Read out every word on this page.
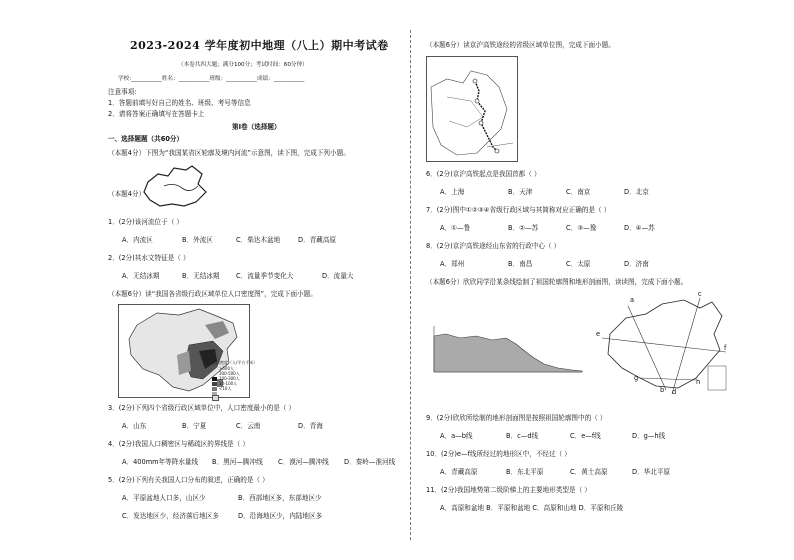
2023-2024 学年度初中地理（八上）期中考试卷
（本卷共四大题；满分100分；考试时间：60分钟）
学校:___________姓名：___________班级：___________成绩：___________
注意事项:
1．答题前填写好自己的姓名、班级、考号等信息
2．请将答案正确填写在答题卡上
第Ⅰ卷（选择题）
一、选择题题（共60分）
（本题4分）下图为“我国某省区轮廓及境内河流”示意图，读下图，完成下列小题。
（本题4分）
1．(2分)该河流位于（ ）
A．内流区	B．外流区	C．柴达木盆地	D．青藏高原
2．(2分)其水文特征是（ ）
A．无结冰期	B．无结冰期	C．流量季节变化大	D．流量大
（本题6分）读“我国各省级行政区域单位人口密度图”，完成下面小题。
人口密度（人/平方千米）
>500人
300-500人
100-300人
10-100人
<10人
3．(2分)下列四个省级行政区域单位中，人口密度最小的是（ ）
A．山东	B．宁夏	C．云南	D．青海
4．(2分)我国人口稠密区与稀疏区的界线是（ ）
A．400mm年等降水量线 B．黑河—腾冲线 C．漠河—腾冲线 D．秦岭—淮河线
5．(2分)下列有关我国人口分布的叙述，正确的是（ ）
A．平原盆地人口多，山区少	B．西部地区多，东部地区少
C．发达地区少，经济落后地区多	D．沿海地区少，内陆地区多
（本题6分）读京沪高铁途经的省级区域单位图，完成下面小题。
6．(2分)京沪高铁起点是我国首都（ ）
A．上海	B．天津	C．南京	D．北京
7．(2分)图中①②③④省级行政区域与其简称对应正确的是（ ）
A．①—鲁	B．②—苏	C．③—豫	D．④—苏
8．(2分)京沪高铁途经山东省的行政中心（ ）
A．郑州	B．南昌	C．太原	D．济南
（本题6分）欣欣同学沿某条线绘制了祖国轮廓图和地形剖面图，读读图，完成下面小题。
a
c
e
f
g
b d
h
9．(2分)欣欣所绘制的地形剖面图是按照祖国轮廓图中的（ ）
A．a—b线	B．c—d线	C．e—f线	D．g—h线
10．(2分)e—f线所经过的地形区中，不经过（ ）
A．青藏高原	B．东北平原	C．黄土高原	D．华北平原
11．(2分)我国地势第二级阶梯上的主要地形类型是（ ）
A．高原和盆地 B．平原和盆地 C．高原和山地 D．平原和丘陵
